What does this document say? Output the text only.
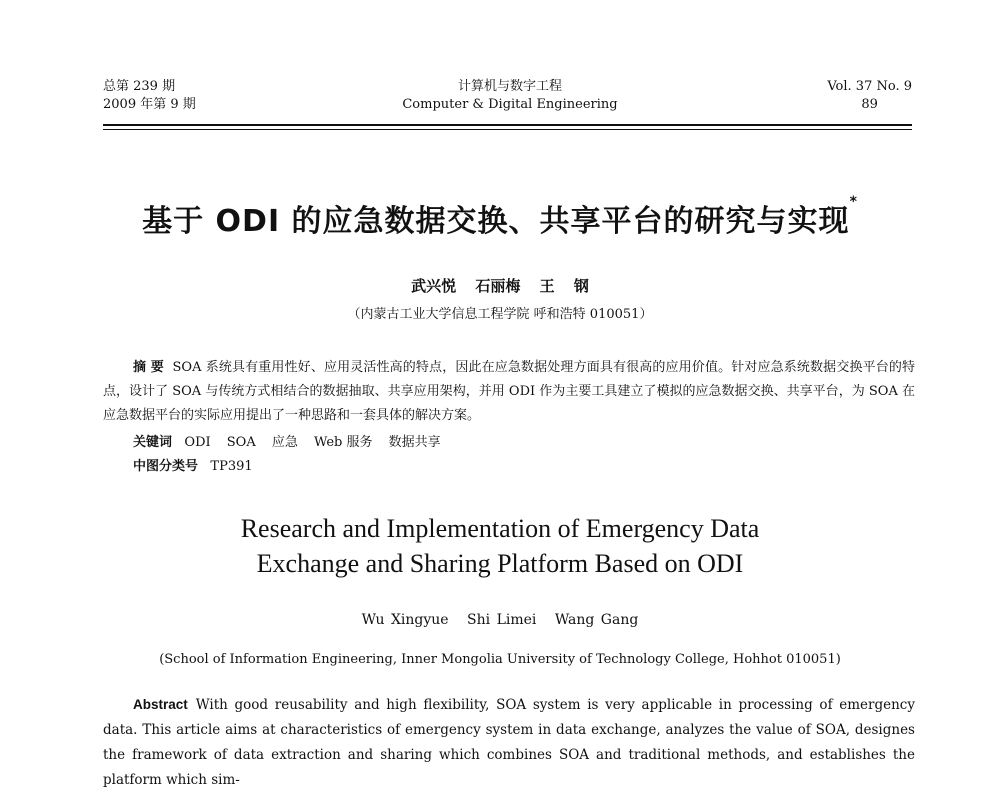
总第 239 期
2009 年第 9 期
计算机与数字工程
Computer & Digital Engineering
Vol. 37 No. 9
89
基于 ODI 的应急数据交换、共享平台的研究与实现*
武兴悦 石丽梅 王 钢
（内蒙古工业大学信息工程学院 呼和浩特 010051）
摘 要 SOA 系统具有重用性好、应用灵活性高的特点，因此在应急数据处理方面具有很高的应用价值。针对应急系统数据交换平台的特点，设计了 SOA 与传统方式相结合的数据抽取、共享应用架构，并用 ODI 作为主要工具建立了模拟的应急数据交换、共享平台，为 SOA 在应急数据平台的实际应用提出了一种思路和一套具体的解决方案。
关键词 ODI SOA 应急 Web 服务 数据共享
中图分类号 TP391
Research and Implementation of Emergency Data
Exchange and Sharing Platform Based on ODI
Wu Xingyue Shi Limei Wang Gang
(School of Information Engineering, Inner Mongolia University of Technology College, Hohhot 010051)
Abstract With good reusability and high flexibility, SOA system is very applicable in processing of emergency data. This article aims at characteristics of emergency system in data exchange, analyzes the value of SOA, designes the framework of data extraction and sharing which combines SOA and traditional methods, and establishes the platform which sim-
